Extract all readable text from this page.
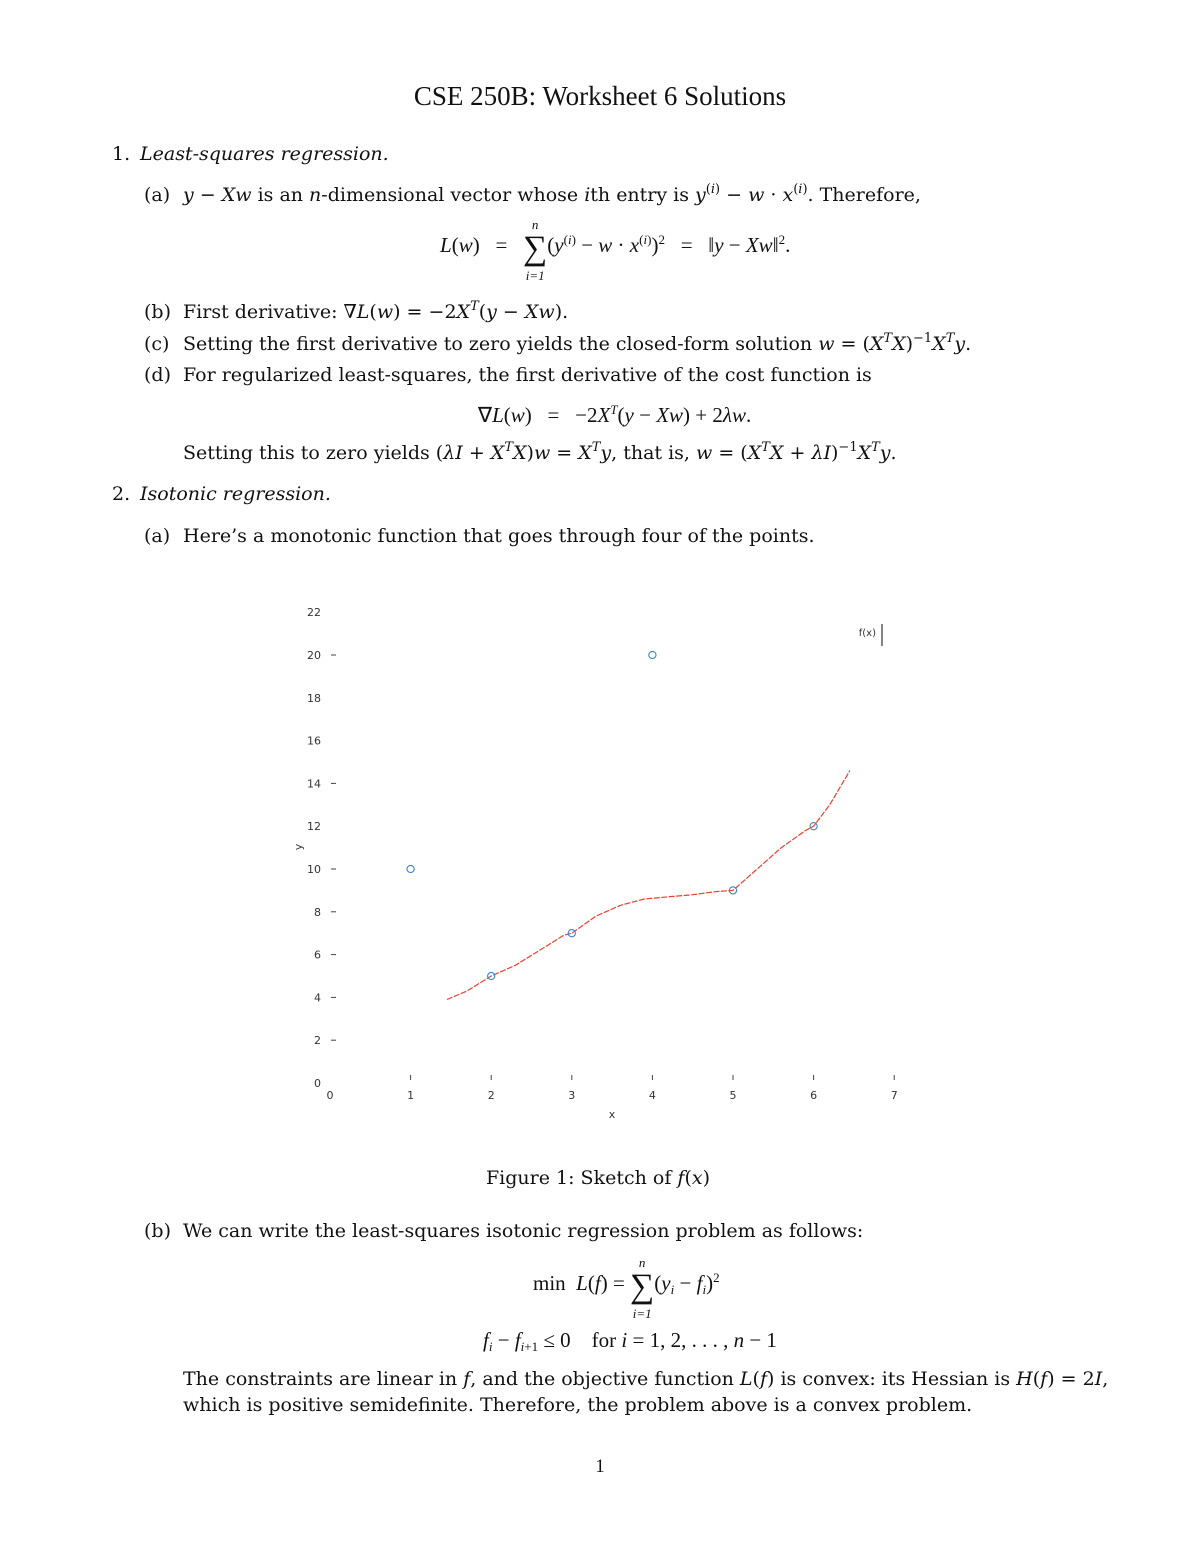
CSE 250B: Worksheet 6 Solutions
1. Least-squares regression.
(a) y − Xw is an n-dimensional vector whose ith entry is $y^{(i)} - w \cdot x^{(i)}$. Therefore,
L(w)   =   ∑
n
i=1
$(y^{(i)} - w \cdot x^{(i)})^2$   =   ‖y − Xw‖$^2$.
(b) First derivative: $\nabla L(w) = -2X^T(y - Xw)$.
(c) Setting the first derivative to zero yields the closed-form solution $w = (X^TX)^{-1}X^Ty$.
(d) For regularized least-squares, the first derivative of the cost function is
$\nabla L(w) = -2X^T(y - Xw) + 2\lambda w$.
Setting this to zero yields $(\lambda I + X^TX)w = X^Ty$, that is, $w = (X^TX + \lambda I)^{-1}X^Ty$.
2. Isotonic regression.
(a) Here’s a monotonic function that goes through four of the points.
0
2
4
6
8
10
12
14
16
18
20
22
0	1	2	3	4	5	6	7
x
y
f(x)
Figure 1: Sketch of f(x)
(b) We can write the least-squares isotonic regression problem as follows:
min  L(f) = ∑
n
i=1
$(y_i - f_i)^2$
$f_i - f_{i+1} \le 0$    for i = 1, 2, . . . , n − 1
The constraints are linear in f, and the objective function L(f) is convex: its Hessian is H(f) = 2I,
which is positive semidefinite. Therefore, the problem above is a convex problem.
1
